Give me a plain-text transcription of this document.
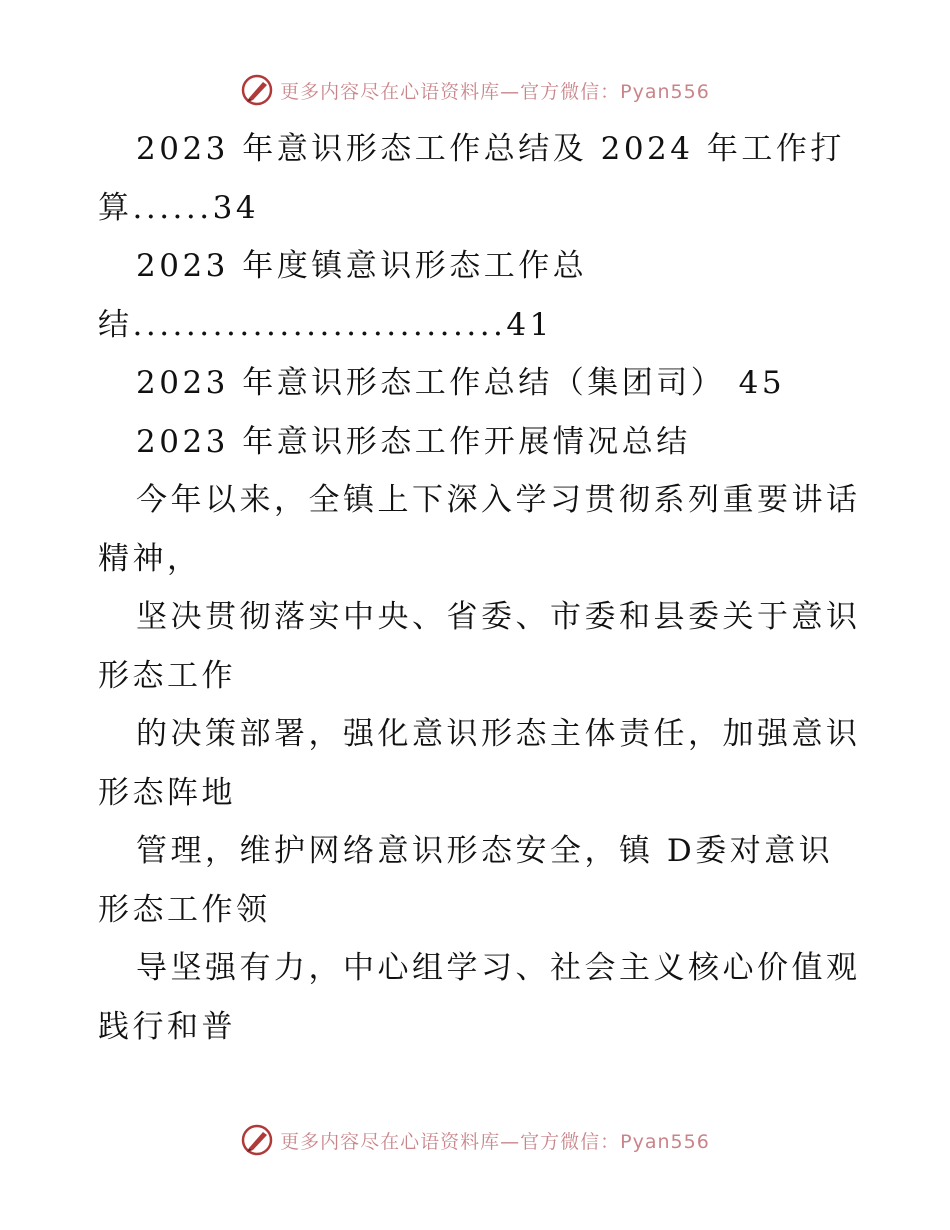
更多内容尽在心语资料库—官方微信：Pyan556
2023 年意识形态工作总结及 2024 年工作打
算......34
2023 年度镇意识形态工作总
结............................41
2023 年意识形态工作总结（集团司） 45
2023 年意识形态工作开展情况总结
今年以来，全镇上下深入学习贯彻系列重要讲话
精神，
坚决贯彻落实中央、省委、市委和县委关于意识
形态工作
的决策部署，强化意识形态主体责任，加强意识
形态阵地
管理，维护网络意识形态安全，镇 D委对意识
形态工作领
导坚强有力，中心组学习、社会主义核心价值观
践行和普
更多内容尽在心语资料库—官方微信：Pyan556
